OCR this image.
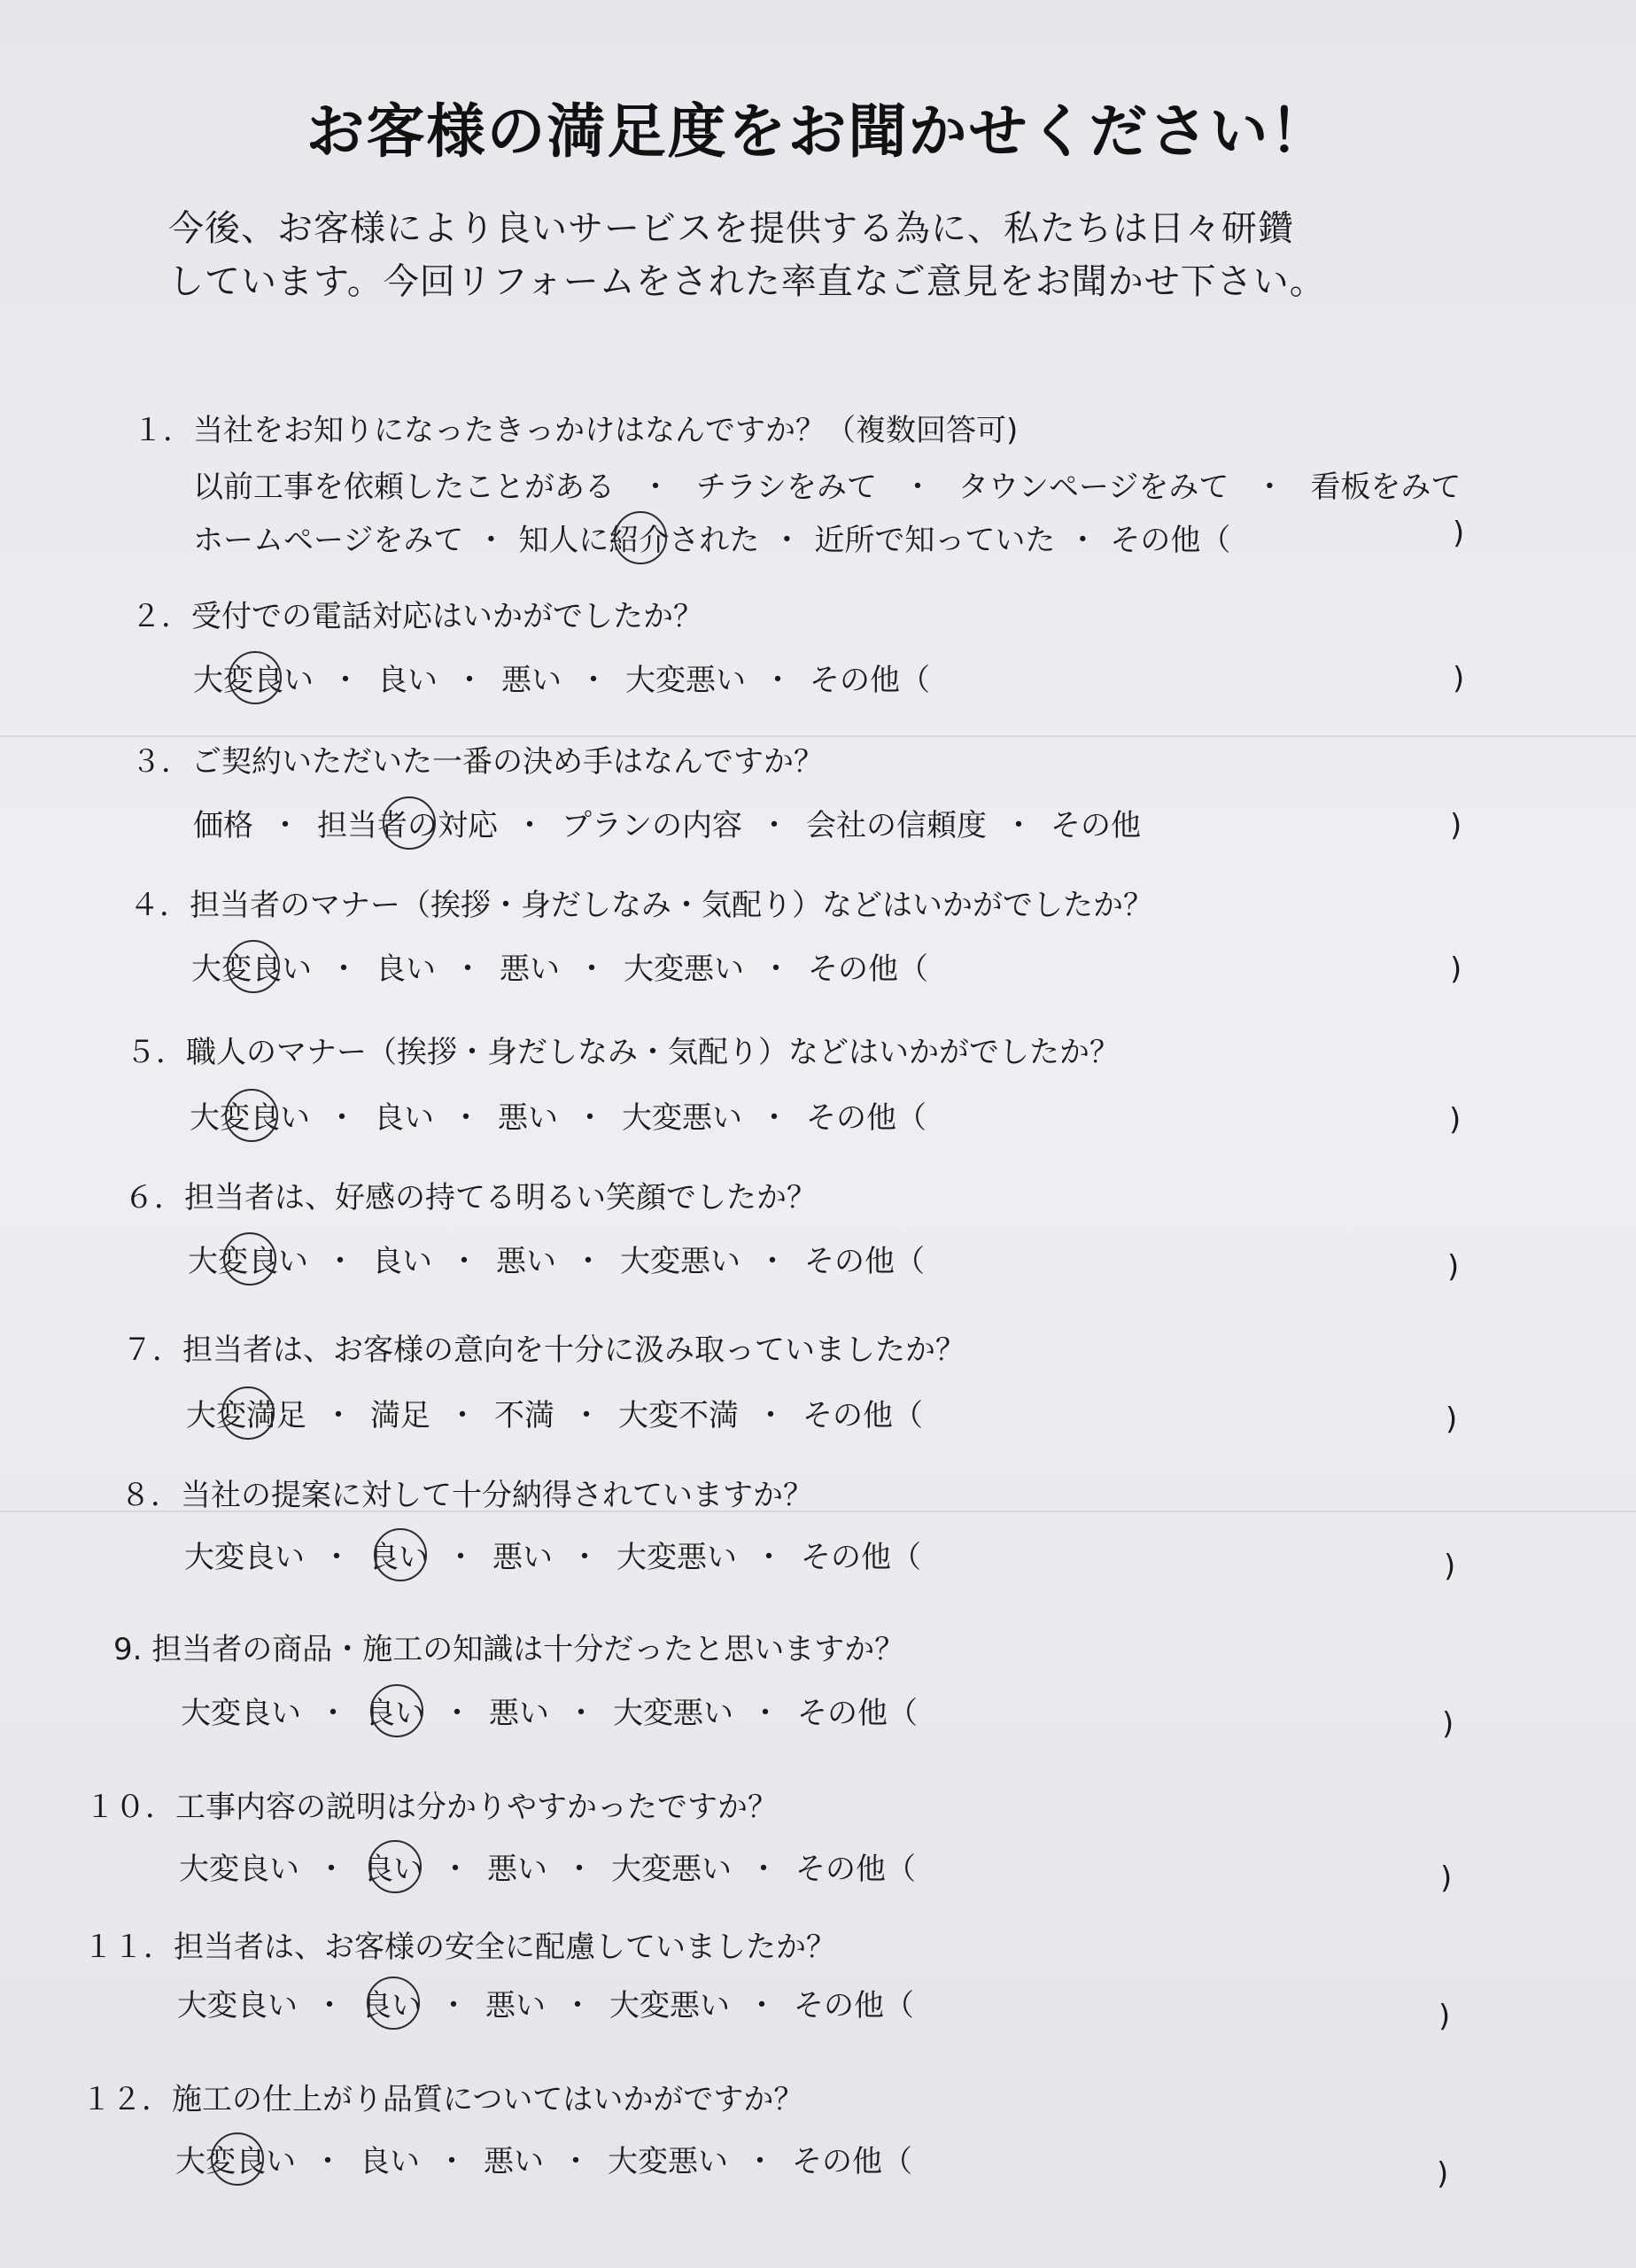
お客様の満足度をお聞かせください！
今後、お客様により良いサービスを提供する為に、私たちは日々研鑽
しています。今回リフォームをされた率直なご意見をお聞かせ下さい。
１．当社をお知りになったきっかけはなんですか？（複数回答可)
以前工事を依頼したことがある ・ チラシをみて ・ タウンページをみて ・ 看板をみて
ホームページをみて ・ 知人に紹介された ・ 近所で知っていた ・ その他（	)
２．受付での電話対応はいかがでしたか？
大変良い ・ 良い ・ 悪い ・ 大変悪い ・ その他（	)
３．ご契約いただいた一番の決め手はなんですか？
価格 ・ 担当者の対応 ・ プランの内容 ・ 会社の信頼度 ・ その他	)
４．担当者のマナー（挨拶・身だしなみ・気配り）などはいかがでしたか？
大変良い ・ 良い ・ 悪い ・ 大変悪い ・ その他（	)
５．職人のマナー（挨拶・身だしなみ・気配り）などはいかがでしたか？
大変良い ・ 良い ・ 悪い ・ 大変悪い ・ その他（	)
６．担当者は、好感の持てる明るい笑顔でしたか？
大変良い ・ 良い ・ 悪い ・ 大変悪い ・ その他（	)
７．担当者は、お客様の意向を十分に汲み取っていましたか？
大変満足 ・ 満足 ・ 不満 ・ 大変不満 ・ その他（	)
８．当社の提案に対して十分納得されていますか？
大変良い ・ 良い ・ 悪い ・ 大変悪い ・ その他（	)
9. 担当者の商品・施工の知識は十分だったと思いますか？
大変良い ・ 良い ・ 悪い ・ 大変悪い ・ その他（	)
１０．工事内容の説明は分かりやすかったですか？
大変良い ・ 良い ・ 悪い ・ 大変悪い ・ その他（	)
１１．担当者は、お客様の安全に配慮していましたか？
大変良い ・ 良い ・ 悪い ・ 大変悪い ・ その他（	)
１２．施工の仕上がり品質についてはいかがですか？
大変良い ・ 良い ・ 悪い ・ 大変悪い ・ その他（	)
